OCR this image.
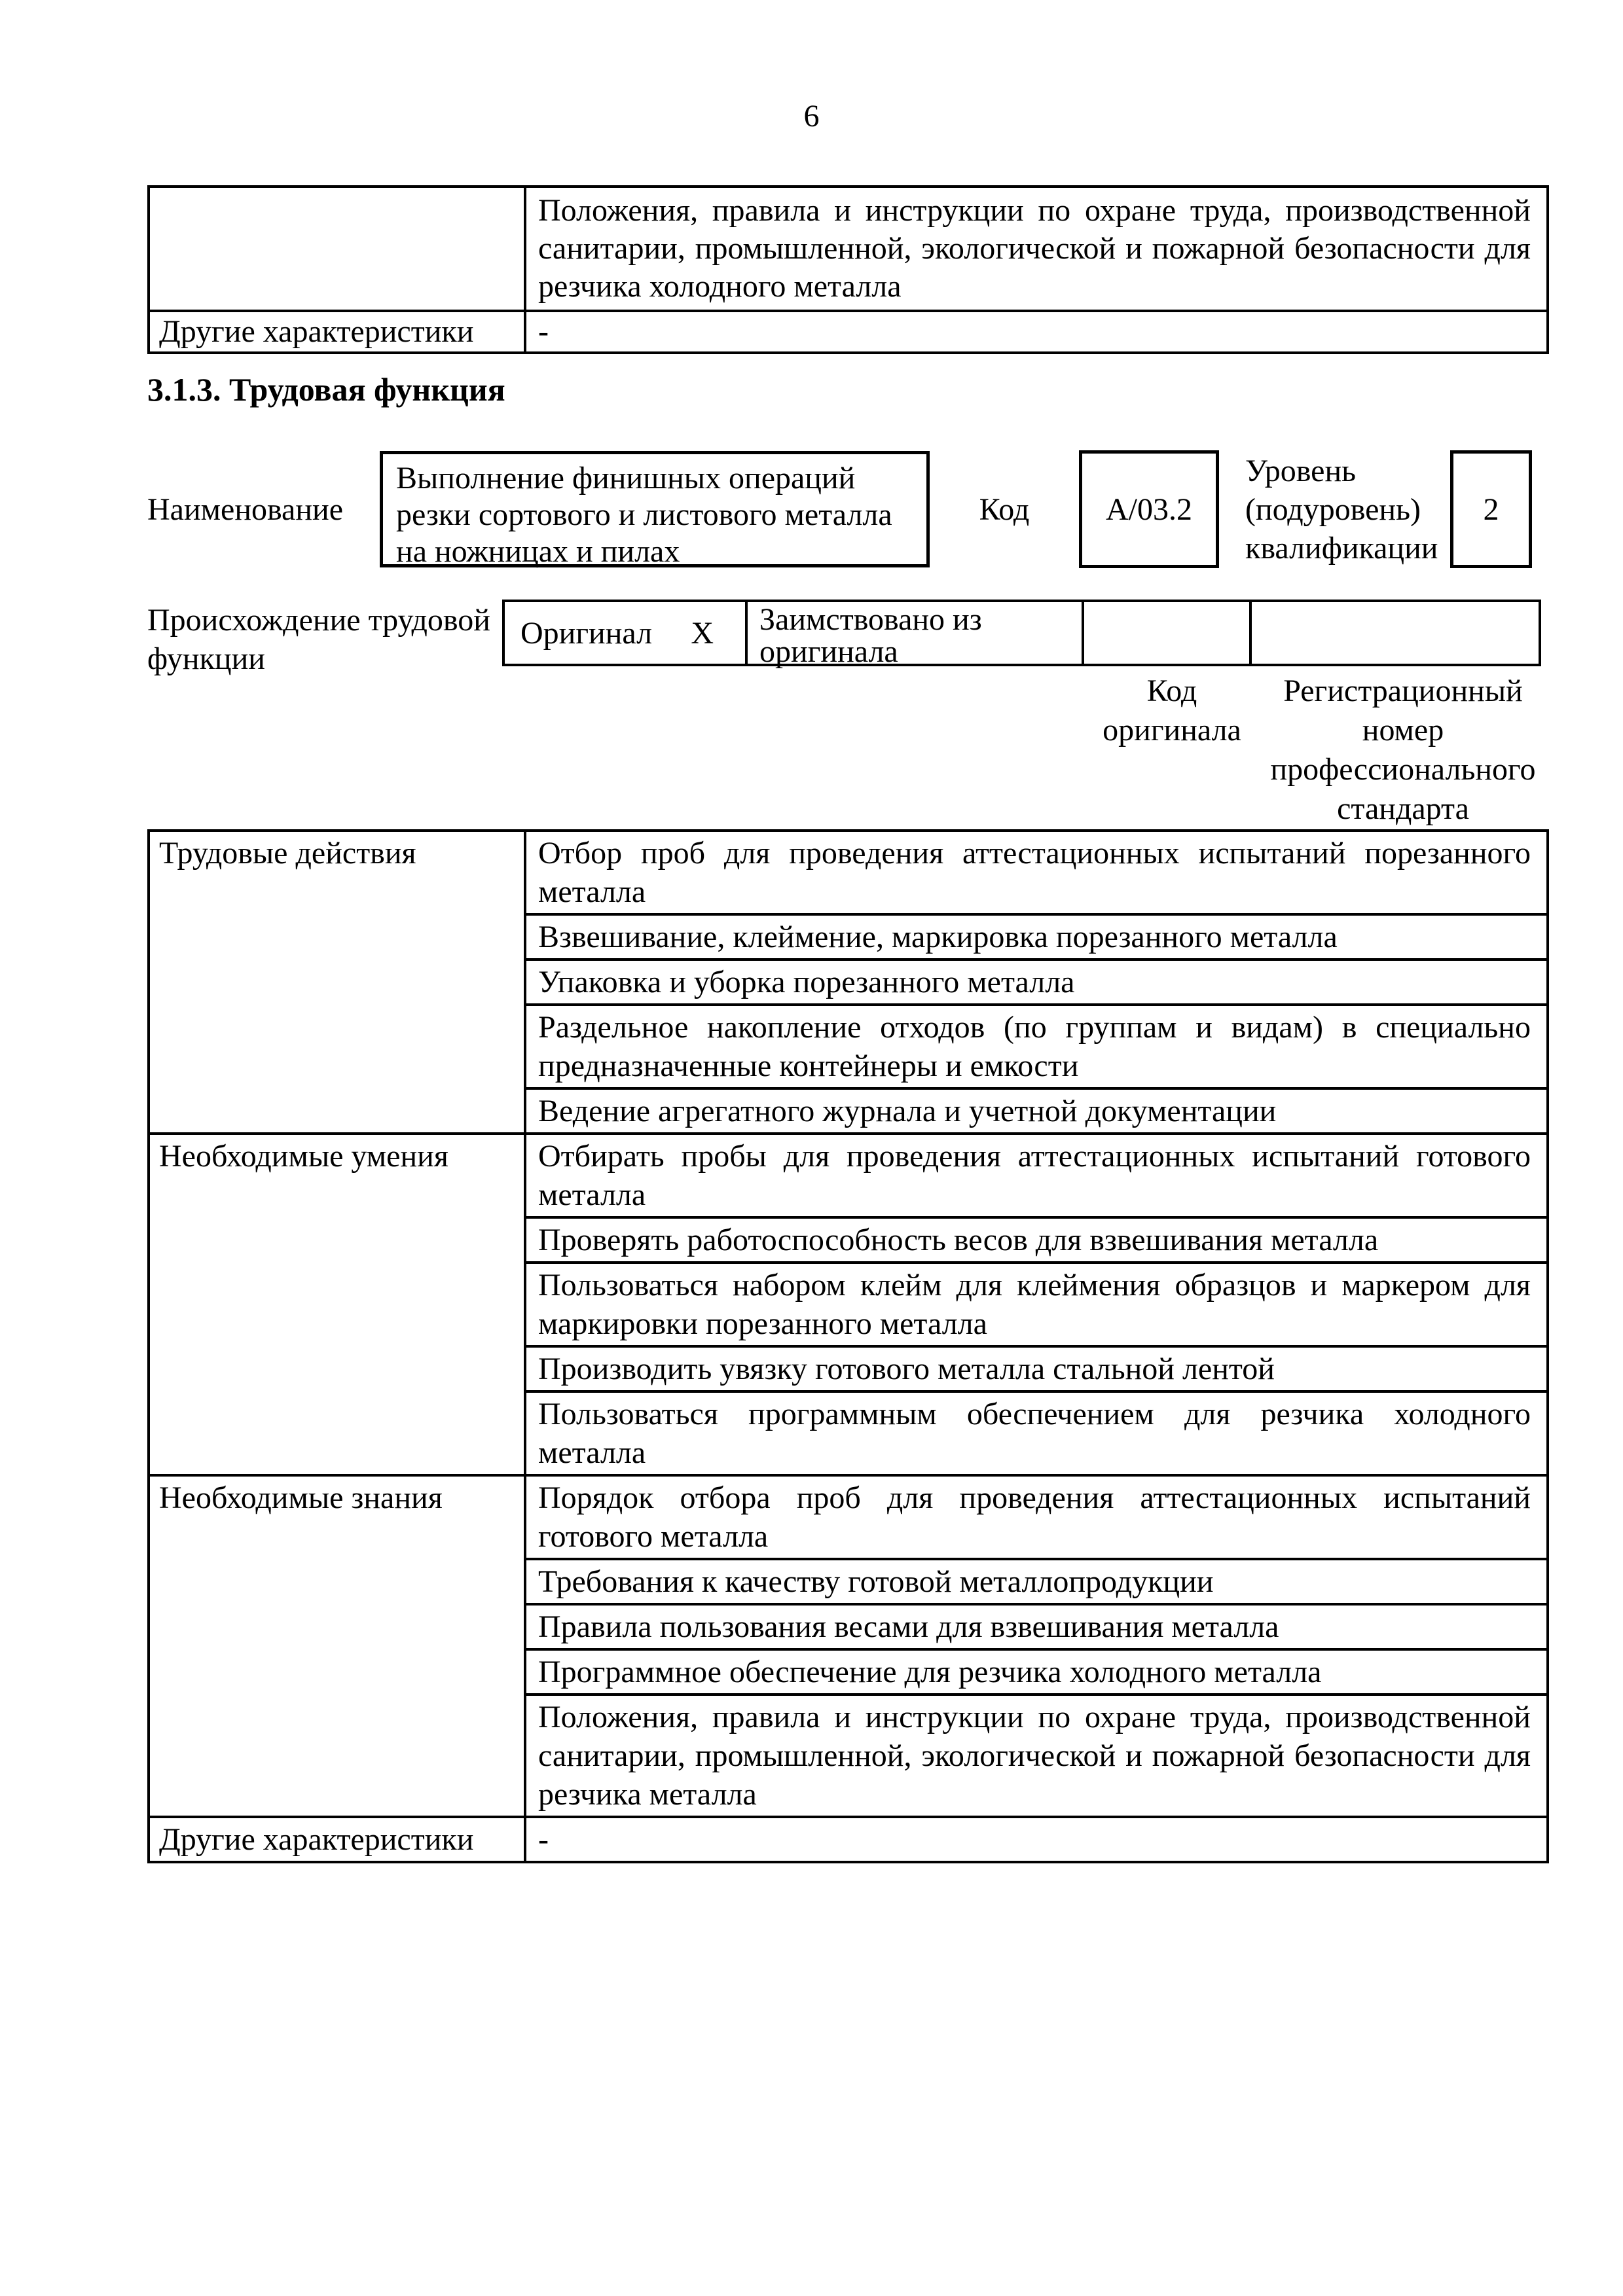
6
	Положения, правила и инструкции по охране труда, производственной санитарии, промышленной, экологической и пожарной безопасности для резчика холодного металла
Другие характеристики	-
3.1.3. Трудовая функция
Наименование
Выполнение финишных операций резки сортового и листового металла на ножницах и пилах
Код	А/03.2
Уровень (подуровень) квалификации
2
Происхождение трудовой функции
Оригинал X	Заимствовано из оригинала
Код оригинала
Регистрационный номер профессионального стандарта
Трудовые действия	Отбор проб для проведения аттестационных испытаний порезанного металла
	Взвешивание, клеймение, маркировка порезанного металла
	Упаковка и уборка порезанного металла
	Раздельное накопление отходов (по группам и видам) в специально предназначенные контейнеры и емкости
	Ведение агрегатного журнала и учетной документации
Необходимые умения	Отбирать пробы для проведения аттестационных испытаний готового металла
	Проверять работоспособность весов для взвешивания металла
	Пользоваться набором клейм для клеймения образцов и маркером для маркировки порезанного металла
	Производить увязку готового металла стальной лентой
	Пользоваться программным обеспечением для резчика холодного металла
Необходимые знания	Порядок отбора проб для проведения аттестационных испытаний готового металла
	Требования к качеству готовой металлопродукции
	Правила пользования весами для взвешивания металла
	Программное обеспечение для резчика холодного металла
	Положения, правила и инструкции по охране труда, производственной санитарии, промышленной, экологической и пожарной безопасности для резчика металла
Другие характеристики	-
